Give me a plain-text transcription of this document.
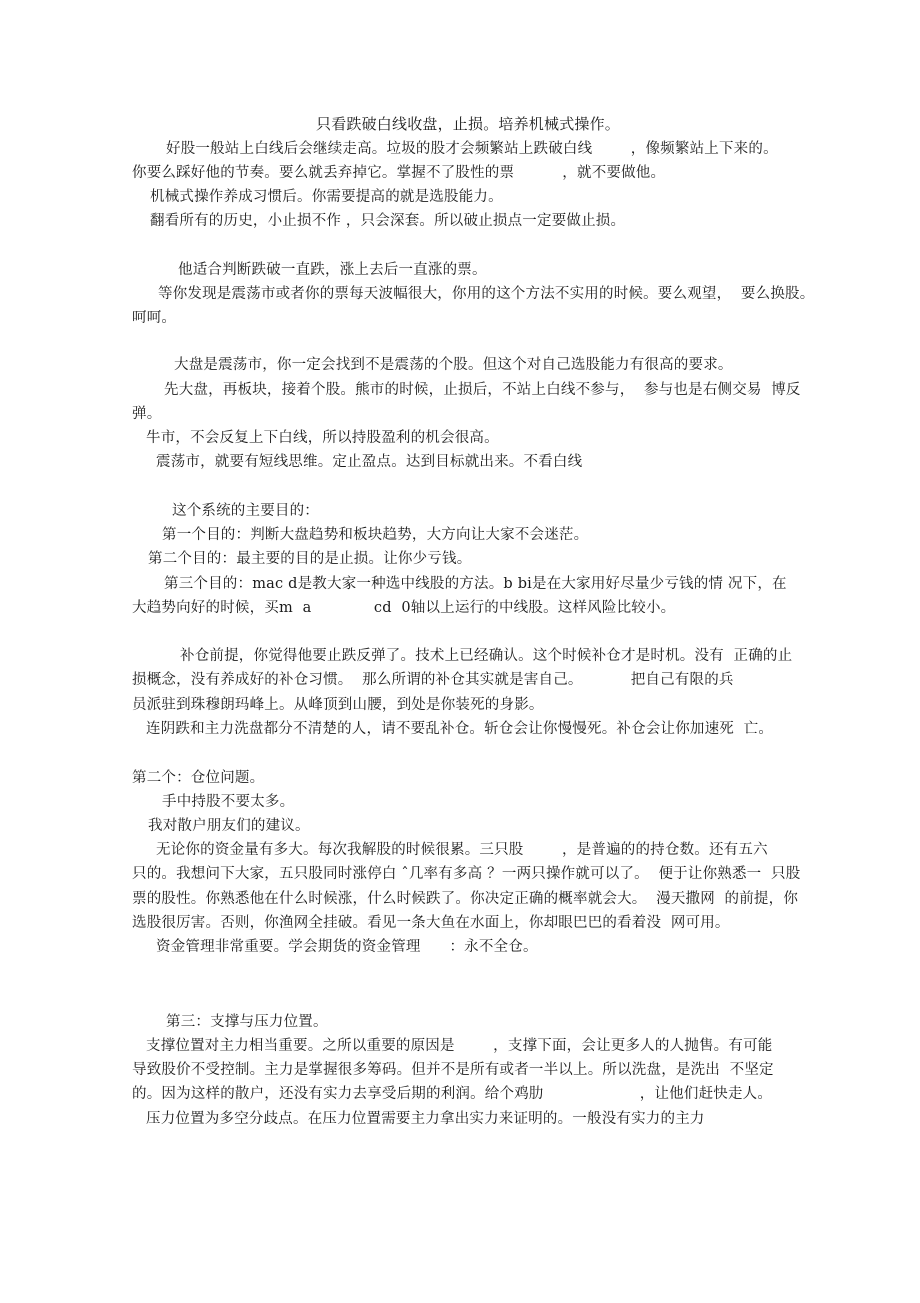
只看跌破白线收盘，止损。培养机械式操作。
好股一般站上白线后会继续走高。垃圾的股才会频繁站上跌破白线        ，像频繁站上下来的。
你要么踩好他的节奏。要么就丢弃掉它。掌握不了股性的票          ，就不要做他。
机械式操作养成习惯后。你需要提高的就是选股能力。
翻看所有的历史，小止损不作 ，只会深套。所以破止损点一定要做止损。
他适合判断跌破一直跌，涨上去后一直涨的票。
等你发现是震荡市或者你的票每天波幅很大，你用的这个方法不实用的时候。要么观望，  要么换股。
呵呵。
大盘是震荡市，你一定会找到不是震荡的个股。但这个对自己选股能力有很高的要求。
先大盘，再板块，接着个股。熊市的时候，止损后，不站上白线不参与，  参与也是右侧交易  博反
弹。
牛市，不会反复上下白线，所以持股盈利的机会很高。
震荡市，就要有短线思维。定止盈点。达到目标就出来。不看白线
这个系统的主要目的：
第一个目的：判断大盘趋势和板块趋势，大方向让大家不会迷茫。
第二个目的：最主要的目的是止损。让你少亏钱。
第三个目的：mac d是教大家一种选中线股的方法。b bi是在大家用好尽量少亏钱的情 况下，在
大趋势向好的时候，买m  a             cd  0轴以上运行的中线股。这样风险比较小。
补仓前提，你觉得他要止跌反弹了。技术上已经确认。这个时候补仓才是时机。没有  正确的止
损概念，没有养成好的补仓习惯。  那么所谓的补仓其实就是害自己。          把自己有限的兵
员派驻到珠穆朗玛峰上。从峰顶到山腰，到处是你装死的身影。
连阴跌和主力洗盘都分不清楚的人，请不要乱补仓。斩仓会让你慢慢死。补仓会让你加速死  亡。
第二个：仓位问题。
手中持股不要太多。
我对散户朋友们的建议。
无论你的资金量有多大。每次我解股的时候很累。三只股        ，是普遍的的持仓数。还有五六
只的。我想问下大家，五只股同时涨停白 ˆ几率有多高 ？一两只操作就可以了。  便于让你熟悉一  只股
票的股性。你熟悉他在什么时候涨，什么时候跌了。你决定正确的概率就会大。  漫天撒网  的前提，你
选股很厉害。否则，你渔网全挂破。看见一条大鱼在水面上，你却眼巴巴的看着没  网可用。
资金管理非常重要。学会期货的资金管理      ：永不全仓。
第三：支撑与压力位置。
支撑位置对主力相当重要。之所以重要的原因是        ，支撑下面，会让更多人的人抛售。有可能
导致股价不受控制。主力是掌握很多筹码。但并不是所有或者一半以上。所以洗盘，是洗出  不坚定
的。因为这样的散户，还没有实力去享受后期的利润。给个鸡肋                    ，让他们赶快走人。
压力位置为多空分歧点。在压力位置需要主力拿出实力来证明的。一般没有实力的主力
